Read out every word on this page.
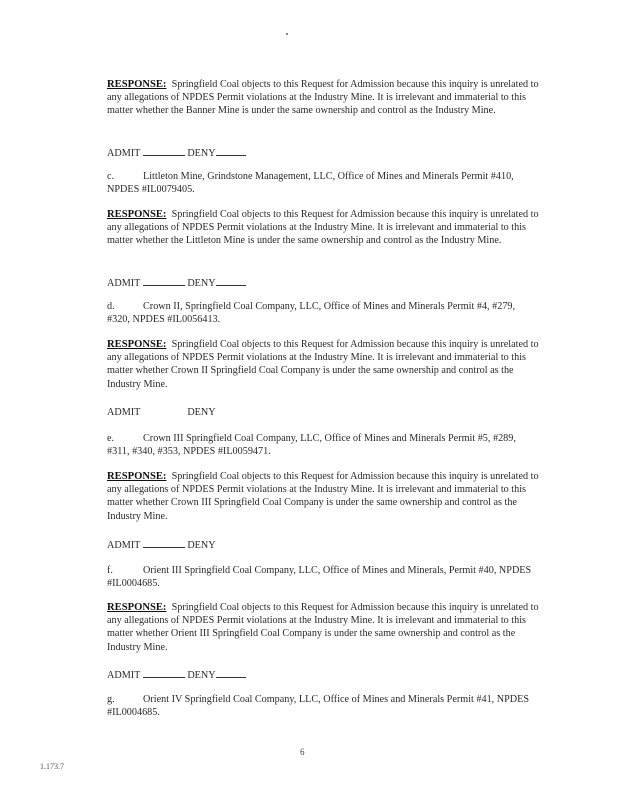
RESPONSE: Springfield Coal objects to this Request for Admission because this inquiry is unrelated to any allegations of NPDES Permit violations at the Industry Mine. It is irrelevant and immaterial to this matter whether the Banner Mine is under the same ownership and control as the Industry Mine.
ADMIT	DENY
c.	Littleton Mine, Grindstone Management, LLC, Office of Mines and Minerals Permit #410, NPDES #IL0079405.
RESPONSE: Springfield Coal objects to this Request for Admission because this inquiry is unrelated to any allegations of NPDES Permit violations at the Industry Mine. It is irrelevant and immaterial to this matter whether the Littleton Mine is under the same ownership and control as the Industry Mine.
ADMIT	DENY
d.	Crown II, Springfield Coal Company, LLC, Office of Mines and Minerals Permit #4, #279, #320, NPDES #IL0056413.
RESPONSE: Springfield Coal objects to this Request for Admission because this inquiry is unrelated to any allegations of NPDES Permit violations at the Industry Mine. It is irrelevant and immaterial to this matter whether Crown II Springfield Coal Company is under the same ownership and control as the Industry Mine.
ADMIT	DENY
e.	Crown III Springfield Coal Company, LLC, Office of Mines and Minerals Permit #5, #289, #311, #340, #353, NPDES #IL0059471.
RESPONSE: Springfield Coal objects to this Request for Admission because this inquiry is unrelated to any allegations of NPDES Permit violations at the Industry Mine. It is irrelevant and immaterial to this matter whether Crown III Springfield Coal Company is under the same ownership and control as the Industry Mine.
ADMIT	DENY
f.	Orient III Springfield Coal Company, LLC, Office of Mines and Minerals, Permit #40, NPDES #IL0004685.
RESPONSE: Springfield Coal objects to this Request for Admission because this inquiry is unrelated to any allegations of NPDES Permit violations at the Industry Mine. It is irrelevant and immaterial to this matter whether Orient III Springfield Coal Company is under the same ownership and control as the Industry Mine.
ADMIT	DENY
g.	Orient IV Springfield Coal Company, LLC, Office of Mines and Minerals Permit #41, NPDES #IL0004685.
6
1.173.7
